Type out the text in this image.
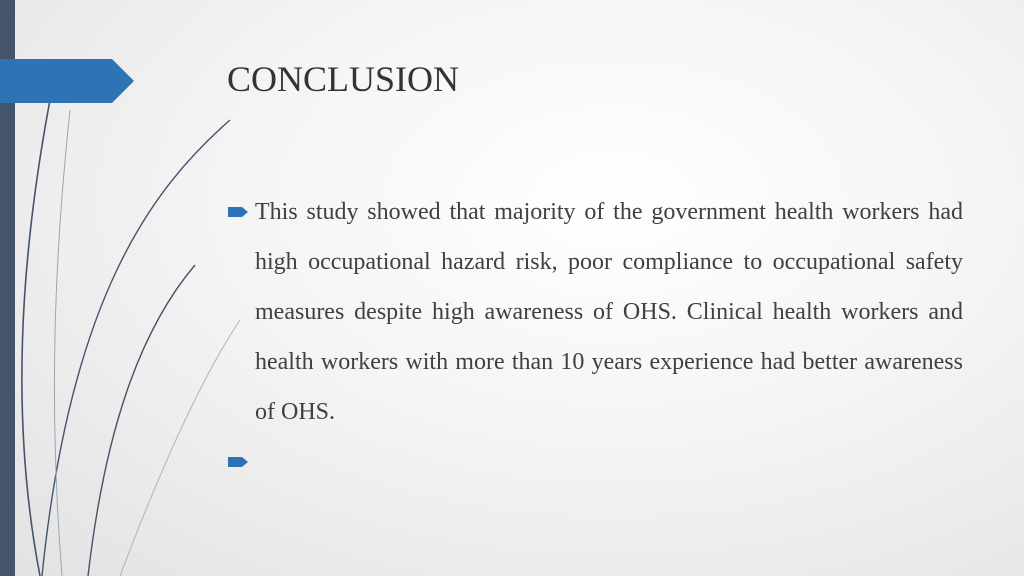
CONCLUSION
This study showed that majority of the government health workers had high occupational hazard risk, poor compliance to occupational safety measures despite high awareness of OHS. Clinical health workers and health workers with more than 10 years experience had better awareness of OHS.
